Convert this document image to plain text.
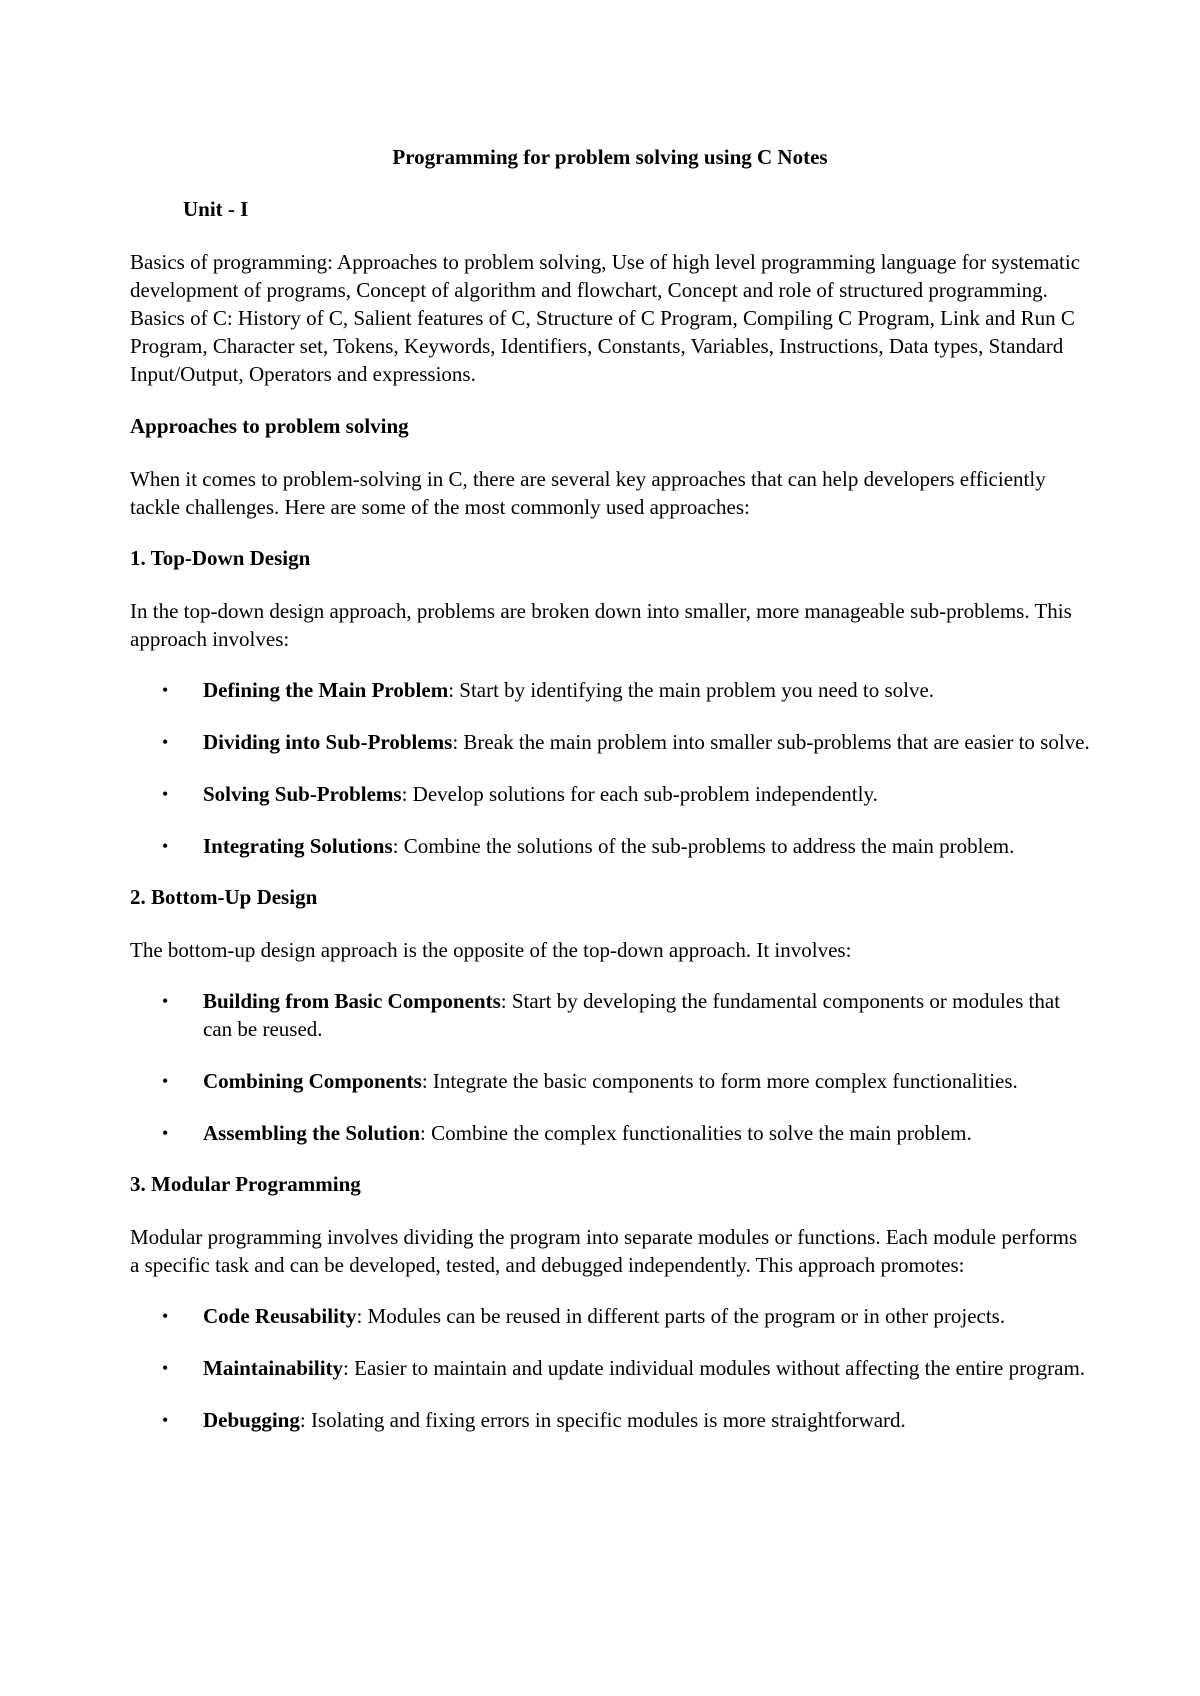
Programming for problem solving using C Notes
Unit - I

Basics of programming: Approaches to problem solving, Use of high level programming language for systematic development of programs, Concept of algorithm and flowchart, Concept and role of structured programming. Basics of C: History of C, Salient features of C, Structure of C Program, Compiling C Program, Link and Run C Program, Character set, Tokens, Keywords, Identifiers, Constants, Variables, Instructions, Data types, Standard Input/Output, Operators and expressions.

Approaches to problem solving

When it comes to problem-solving in C, there are several key approaches that can help developers efficiently tackle challenges. Here are some of the most commonly used approaches:

1. Top-Down Design

In the top-down design approach, problems are broken down into smaller, more manageable sub-problems. This approach involves:

• Defining the Main Problem: Start by identifying the main problem you need to solve.
• Dividing into Sub-Problems: Break the main problem into smaller sub-problems that are easier to solve.
• Solving Sub-Problems: Develop solutions for each sub-problem independently.
• Integrating Solutions: Combine the solutions of the sub-problems to address the main problem.
2. Bottom-Up Design

The bottom-up design approach is the opposite of the top-down approach. It involves:

• Building from Basic Components: Start by developing the fundamental components or modules that can be reused.
• Combining Components: Integrate the basic components to form more complex functionalities.
• Assembling the Solution: Combine the complex functionalities to solve the main problem.
3. Modular Programming

Modular programming involves dividing the program into separate modules or functions. Each module performs a specific task and can be developed, tested, and debugged independently. This approach promotes:

• Code Reusability: Modules can be reused in different parts of the program or in other projects.
• Maintainability: Easier to maintain and update individual modules without affecting the entire program.
• Debugging: Isolating and fixing errors in specific modules is more straightforward.
